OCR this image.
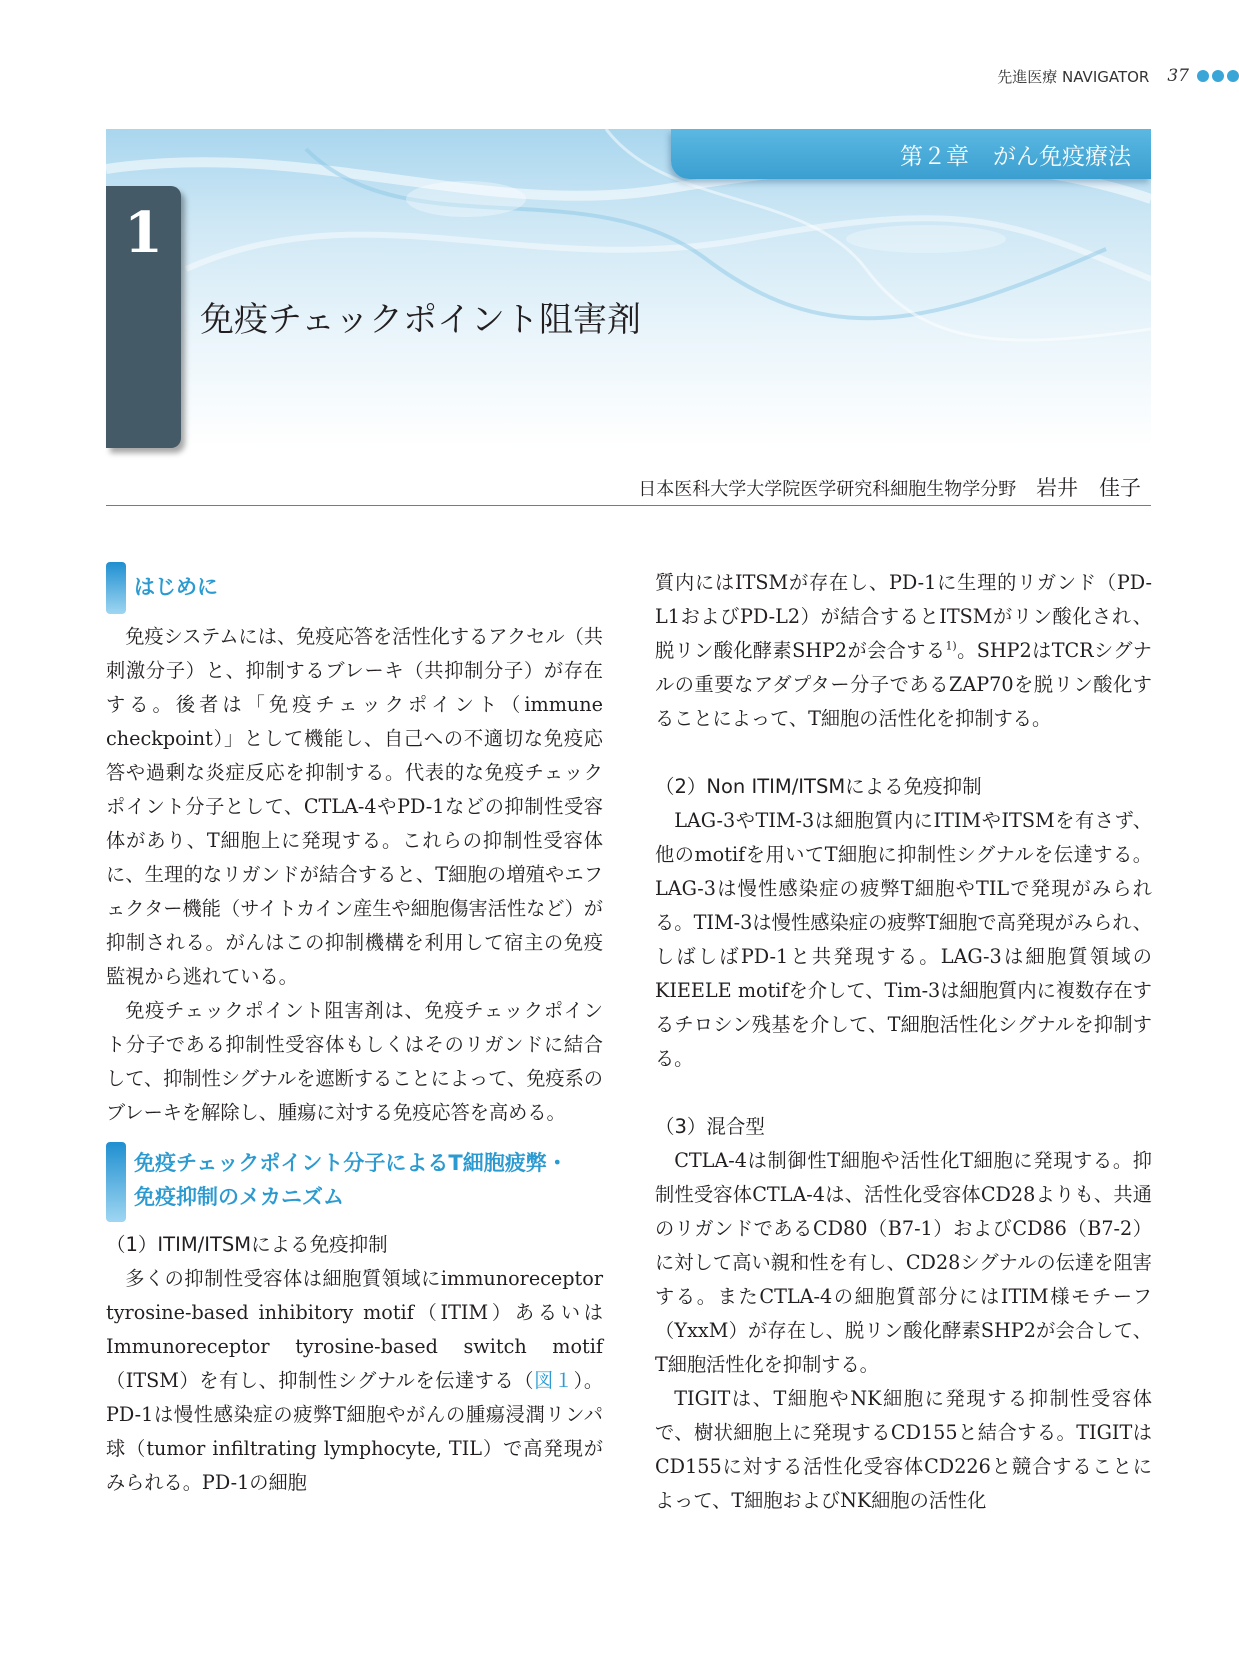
先進医療 NAVIGATOR 37
第２章 がん免疫療法
1
免疫チェックポイント阻害剤
日本医科大学大学院医学研究科細胞生物学分野 岩井　佳子
はじめに

免疫システムには、免疫応答を活性化するアクセル（共刺激分子）と、抑制するブレーキ（共抑制分子）が存在する。後者は「免疫チェックポイント（immune checkpoint）」として機能し、自己への不適切な免疫応答や過剰な炎症反応を抑制する。代表的な免疫チェックポイント分子として、CTLA-4やPD-1などの抑制性受容体があり、T細胞上に発現する。これらの抑制性受容体に、生理的なリガンドが結合すると、T細胞の増殖やエフェクター機能（サイトカイン産生や細胞傷害活性など）が抑制される。がんはこの抑制機構を利用して宿主の免疫監視から逃れている。

免疫チェックポイント阻害剤は、免疫チェックポイント分子である抑制性受容体もしくはそのリガンドに結合して、抑制性シグナルを遮断することによって、免疫系のブレーキを解除し、腫瘍に対する免疫応答を高める。

免疫チェックポイント分子によるT細胞疲弊・
免疫抑制のメカニズム

（1）ITIM/ITSMによる免疫抑制

多くの抑制性受容体は細胞質領域にimmunoreceptor tyrosine-based inhibitory motif（ITIM）あるいはImmunoreceptor tyrosine-based switch motif（ITSM）を有し、抑制性シグナルを伝達する（図１）。PD-1は慢性感染症の疲弊T細胞やがんの腫瘍浸潤リンパ球（tumor infiltrating lymphocyte, TIL）で高発現がみられる。PD-1の細胞

質内にはITSMが存在し、PD-1に生理的リガンド（PD-L1およびPD-L2）が結合するとITSMがリン酸化され、脱リン酸化酵素SHP2が会合する$^{1)}$。SHP2はTCRシグナルの重要なアダプター分子であるZAP70を脱リン酸化することによって、T細胞の活性化を抑制する。

（2）Non ITIM/ITSMによる免疫抑制

LAG-3やTIM-3は細胞質内にITIMやITSMを有さず、他のmotifを用いてT細胞に抑制性シグナルを伝達する。LAG-3は慢性感染症の疲弊T細胞やTILで発現がみられる。TIM-3は慢性感染症の疲弊T細胞で高発現がみられ、しばしばPD-1と共発現する。LAG-3は細胞質領域のKIEELE motifを介して、Tim-3は細胞質内に複数存在するチロシン残基を介して、T細胞活性化シグナルを抑制する。

（3）混合型

CTLA-4は制御性T細胞や活性化T細胞に発現する。抑制性受容体CTLA-4は、活性化受容体CD28よりも、共通のリガンドであるCD80（B7-1）およびCD86（B7-2）に対して高い親和性を有し、CD28シグナルの伝達を阻害する。またCTLA-4の細胞質部分にはITIM様モチーフ（YxxM）が存在し、脱リン酸化酵素SHP2が会合して、T細胞活性化を抑制する。

TIGITは、T細胞やNK細胞に発現する抑制性受容体で、樹状細胞上に発現するCD155と結合する。TIGITはCD155に対する活性化受容体CD226と競合することによって、T細胞およびNK細胞の活性化
